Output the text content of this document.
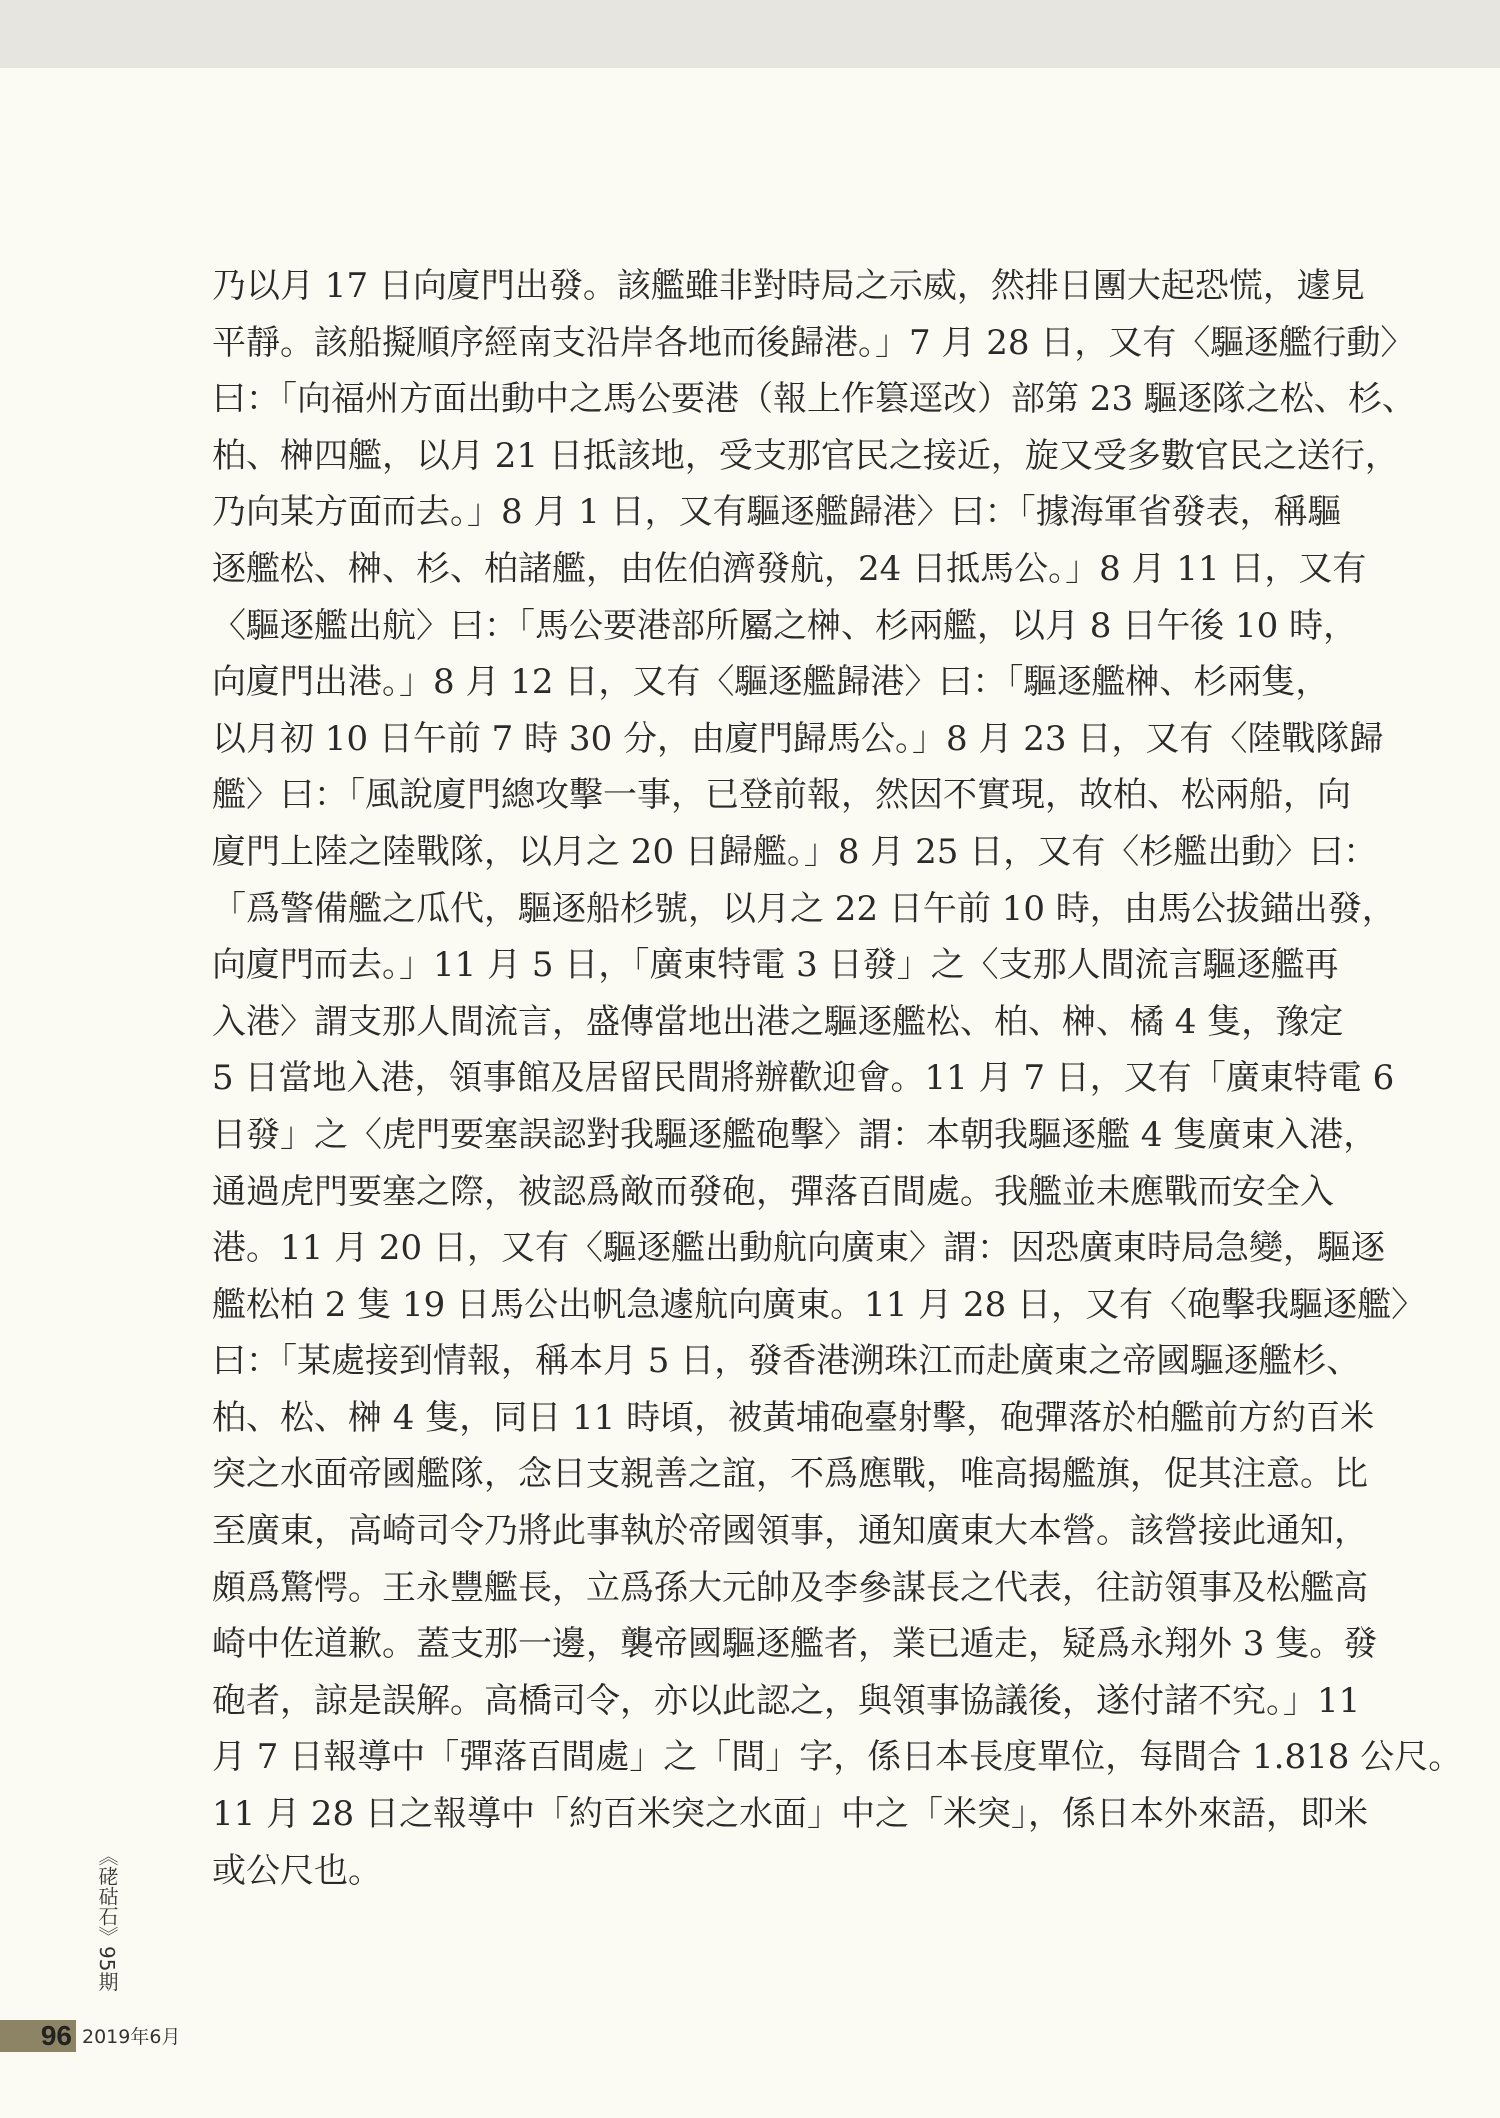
乃以月 17 日向廈門出發。該艦雖非對時局之示威，然排日團大起恐慌，遽見
平靜。該船擬順序經南支沿岸各地而後歸港。」7 月 28 日，又有〈驅逐艦行動〉
曰：「向福州方面出動中之馬公要港（報上作篡逕改）部第 23 驅逐隊之松、杉、
柏、榊四艦，以月 21 日抵該地，受支那官民之接近，旋又受多數官民之送行，
乃向某方面而去。」8 月 1 日，又有驅逐艦歸港〉曰：「據海軍省發表，稱驅
逐艦松、榊、杉、柏諸艦，由佐伯濟發航，24 日抵馬公。」8 月 11 日，又有
〈驅逐艦出航〉曰：「馬公要港部所屬之榊、杉兩艦，以月 8 日午後 10 時，
向廈門出港。」8 月 12 日，又有〈驅逐艦歸港〉曰：「驅逐艦榊、杉兩隻，
以月初 10 日午前 7 時 30 分，由廈門歸馬公。」8 月 23 日，又有〈陸戰隊歸
艦〉曰：「風說廈門總攻擊一事，已登前報，然因不實現，故柏、松兩船，向
廈門上陸之陸戰隊，以月之 20 日歸艦。」8 月 25 日，又有〈杉艦出動〉曰：
「爲警備艦之瓜代，驅逐船杉號，以月之 22 日午前 10 時，由馬公拔錨出發，
向廈門而去。」11 月 5 日，「廣東特電 3 日發」之〈支那人間流言驅逐艦再
入港〉謂支那人間流言，盛傳當地出港之驅逐艦松、柏、榊、橘 4 隻，豫定
5 日當地入港，領事館及居留民間將辦歡迎會。11 月 7 日，又有「廣東特電 6
日發」之〈虎門要塞誤認對我驅逐艦砲擊〉謂：本朝我驅逐艦 4 隻廣東入港，
通過虎門要塞之際，被認爲敵而發砲，彈落百間處。我艦並未應戰而安全入
港。11 月 20 日，又有〈驅逐艦出動航向廣東〉謂：因恐廣東時局急變，驅逐
艦松柏 2 隻 19 日馬公出帆急遽航向廣東。11 月 28 日，又有〈砲擊我驅逐艦〉
曰：「某處接到情報，稱本月 5 日，發香港溯珠江而赴廣東之帝國驅逐艦杉、
柏、松、榊 4 隻，同日 11 時頃，被黃埔砲臺射擊，砲彈落於柏艦前方約百米
突之水面帝國艦隊，念日支親善之誼，不爲應戰，唯高揭艦旗，促其注意。比
至廣東，高崎司令乃將此事執於帝國領事，通知廣東大本營。該營接此通知，
頗爲驚愕。王永豐艦長，立爲孫大元帥及李參謀長之代表，往訪領事及松艦高
崎中佐道歉。蓋支那一邊，襲帝國驅逐艦者，業已遁走，疑爲永翔外 3 隻。發
砲者，諒是誤解。高橋司令，亦以此認之，與領事協議後，遂付諸不究。」11
月 7 日報導中「彈落百間處」之「間」字，係日本長度單位，每間合 1.818 公尺。
11 月 28 日之報導中「約百米突之水面」中之「米突」，係日本外來語，即米
或公尺也。
《硓𥑮石》95期
96 2019年6月
